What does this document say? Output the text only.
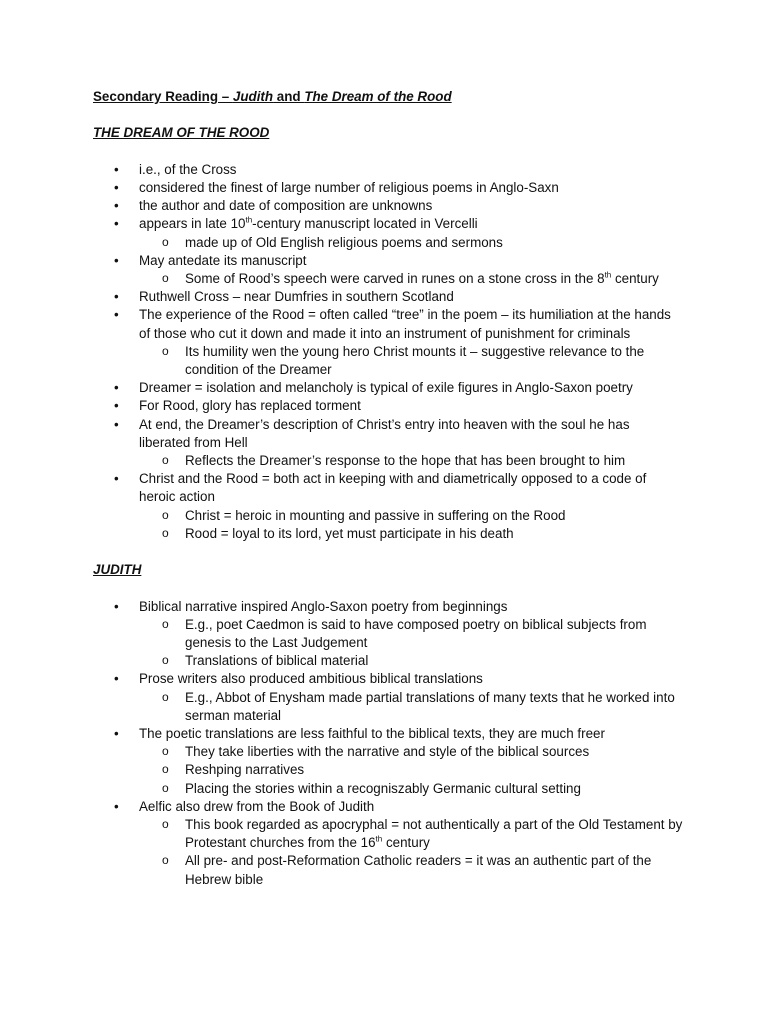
Secondary Reading – Judith and The Dream of the Rood

THE DREAM OF THE ROOD

• i.e., of the Cross
• considered the finest of large number of religious poems in Anglo-Saxn
• the author and date of composition are unknowns
• appears in late 10th-century manuscript located in Vercelli
o made up of Old English religious poems and sermons
• May antedate its manuscript
o Some of Rood’s speech were carved in runes on a stone cross in the 8th century
• Ruthwell Cross – near Dumfries in southern Scotland
• The experience of the Rood = often called “tree” in the poem – its humiliation at the hands of those who cut it down and made it into an instrument of punishment for criminals
o Its humility wen the young hero Christ mounts it – suggestive relevance to the condition of the Dreamer
• Dreamer = isolation and melancholy is typical of exile figures in Anglo-Saxon poetry
• For Rood, glory has replaced torment
• At end, the Dreamer’s description of Christ’s entry into heaven with the soul he has liberated from Hell
o Reflects the Dreamer’s response to the hope that has been brought to him
• Christ and the Rood = both act in keeping with and diametrically opposed to a code of heroic action
o Christ = heroic in mounting and passive in suffering on the Rood
o Rood = loyal to its lord, yet must participate in his death

JUDITH

• Biblical narrative inspired Anglo-Saxon poetry from beginnings
o E.g., poet Caedmon is said to have composed poetry on biblical subjects from genesis to the Last Judgement
o Translations of biblical material
• Prose writers also produced ambitious biblical translations
o E.g., Abbot of Enysham made partial translations of many texts that he worked into serman material
• The poetic translations are less faithful to the biblical texts, they are much freer
o They take liberties with the narrative and style of the biblical sources
o Reshping narratives
o Placing the stories within a recogniszably Germanic cultural setting
• Aelfic also drew from the Book of Judith
o This book regarded as apocryphal = not authentically a part of the Old Testament by Protestant churches from the 16th century
o All pre- and post-Reformation Catholic readers = it was an authentic part of the Hebrew bible
